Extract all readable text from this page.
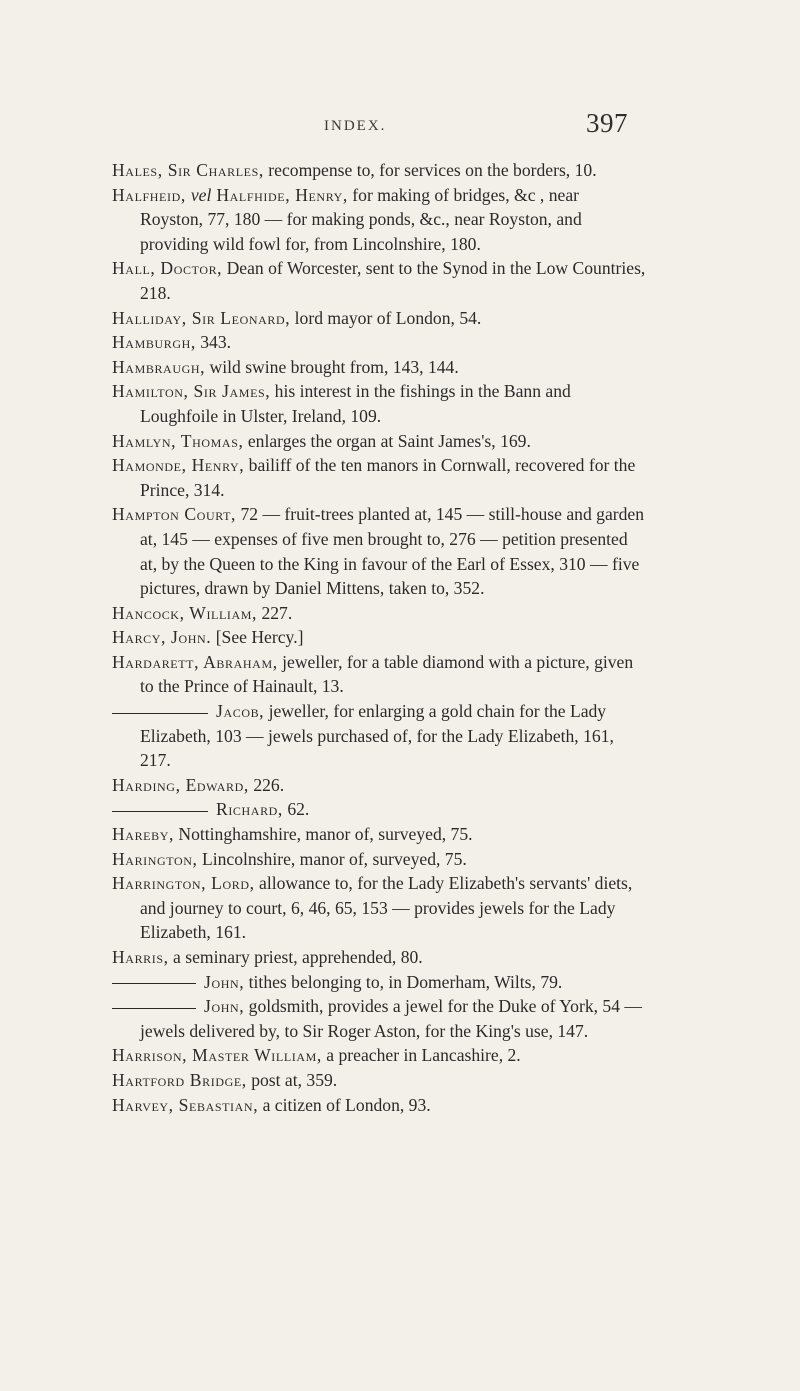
INDEX.	397

Hales, Sir Charles, recompense to, for services on the borders, 10.

Halfheid, vel Halfhide, Henry, for making of bridges, &c , near Royston, 77, 180 — for making ponds, &c., near Royston, and providing wild fowl for, from Lincolnshire, 180.

Hall, Doctor, Dean of Worcester, sent to the Synod in the Low Countries, 218.

Halliday, Sir Leonard, lord mayor of London, 54.

Hamburgh, 343.

Hambraugh, wild swine brought from, 143, 144.

Hamilton, Sir James, his interest in the fishings in the Bann and Loughfoile in Ulster, Ireland, 109.

Hamlyn, Thomas, enlarges the organ at Saint James's, 169.

Hamonde, Henry, bailiff of the ten manors in Cornwall, recovered for the Prince, 314.

Hampton Court, 72 — fruit-trees planted at, 145 — still-house and garden at, 145 — expenses of five men brought to, 276 — petition presented at, by the Queen to the King in favour of the Earl of Essex, 310 — five pictures, drawn by Daniel Mittens, taken to, 352.

Hancock, William, 227.

Harcy, John. [See Hercy.]

Hardarett, Abraham, jeweller, for a table diamond with a picture, given to the Prince of Hainault, 13.

Jacob, jeweller, for enlarging a gold chain for the Lady Elizabeth, 103 — jewels purchased of, for the Lady Elizabeth, 161, 217.

Harding, Edward, 226.

Richard, 62.

Hareby, Nottinghamshire, manor of, surveyed, 75.

Harington, Lincolnshire, manor of, surveyed, 75.

Harrington, Lord, allowance to, for the Lady Elizabeth's servants' diets, and journey to court, 6, 46, 65, 153 — provides jewels for the Lady Elizabeth, 161.

Harris, a seminary priest, apprehended, 80.

John, tithes belonging to, in Domerham, Wilts, 79.

John, goldsmith, provides a jewel for the Duke of York, 54 — jewels delivered by, to Sir Roger Aston, for the King's use, 147.

Harrison, Master William, a preacher in Lancashire, 2.

Hartford Bridge, post at, 359.

Harvey, Sebastian, a citizen of London, 93.
